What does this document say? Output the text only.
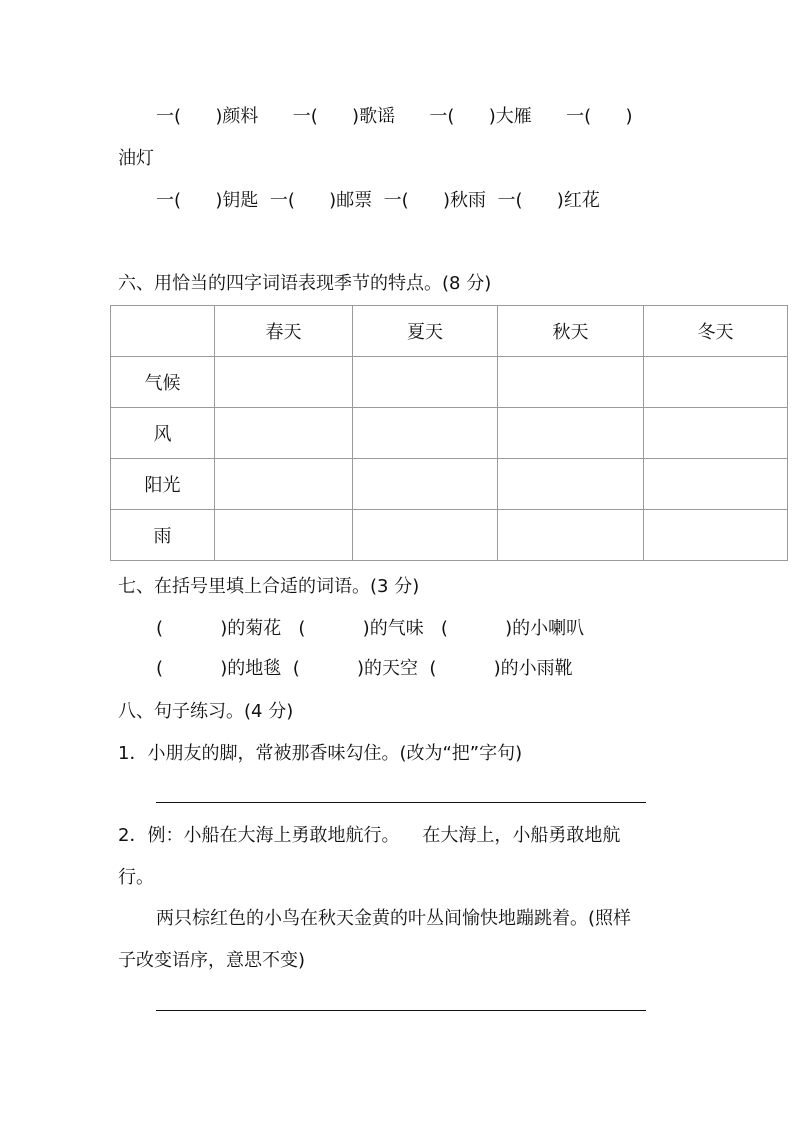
一(      )颜料      一(      )歌谣      一(      )大雁      一(      )
油灯
一(      )钥匙  一(      )邮票  一(      )秋雨  一(      )红花
六、用恰当的四字词语表现季节的特点。(8 分)
	春天	夏天	秋天	冬天
气候				
风				
阳光				
雨				
七、在括号里填上合适的词语。(3 分)
(          )的菊花   (          )的气味   (          )的小喇叭
(          )的地毯  (          )的天空  (          )的小雨靴
八、句子练习。(4 分)
1．小朋友的脚，常被那香味勾住。(改为“把”字句)
2．例：小船在大海上勇敢地航行。    在大海上，小船勇敢地航
行。
两只棕红色的小鸟在秋天金黄的叶丛间愉快地蹦跳着。(照样
子改变语序，意思不变)
